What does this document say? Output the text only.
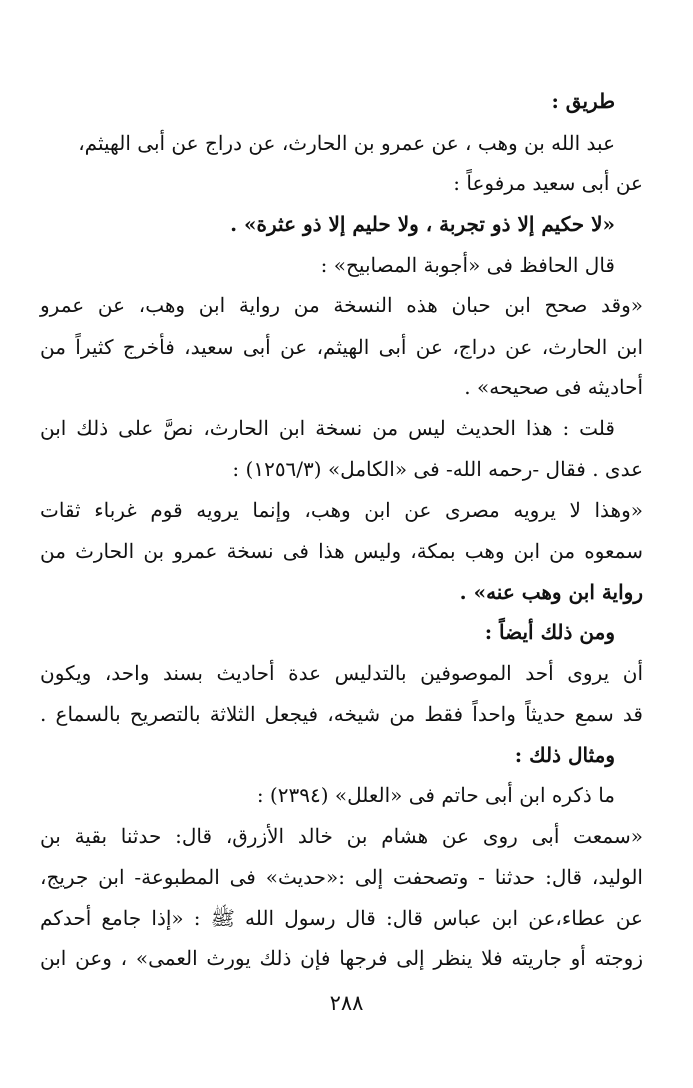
طريق :
عبد الله بن وهب ، عن عمرو بن الحارث، عن دراج عن أبى الهيثم،
عن أبى سعيد مرفوعاً :
«لا حكيم إلا ذو تجربة ، ولا حليم إلا ذو عثرة» .
قال الحافظ فى «أجوبة المصابيح» :
«وقد صحح ابن حبان هذه النسخة من رواية ابن وهب، عن عمرو
ابن الحارث، عن دراج، عن أبى الهيثم، عن أبى سعيد، فأخرج كثيراً من
أحاديثه فى صحيحه» .
قلت : هذا الحديث ليس من نسخة ابن الحارث، نصَّ على ذلك ابن
عدى . فقال -رحمه الله- فى «الكامل» (١٢٥٦/٣) :
«وهذا لا يرويه مصرى عن ابن وهب، وإنما يرويه قوم غرباء ثقات
سمعوه من ابن وهب بمكة، وليس هذا فى نسخة عمرو بن الحارث من
رواية ابن وهب عنه» .
ومن ذلك أيضاً :
أن يروى أحد الموصوفين بالتدليس عدة أحاديث بسند واحد، ويكون
قد سمع حديثاً واحداً فقط من شيخه، فيجعل الثلاثة بالتصريح بالسماع .
ومثال ذلك :
ما ذكره ابن أبى حاتم فى «العلل» (٢٣٩٤) :
«سمعت أبى روى عن هشام بن خالد الأزرق، قال: حدثنا بقية بن
الوليد، قال: حدثنا - وتصحفت إلى :«حديث» فى المطبوعة- ابن جريج،
عن عطاء،عن ابن عباس قال: قال رسول الله ﷺ : «إذا جامع أحدكم
زوجته أو جاريته فلا ينظر إلى فرجها فإن ذلك يورث العمى» ، وعن ابن
٢٨٨
